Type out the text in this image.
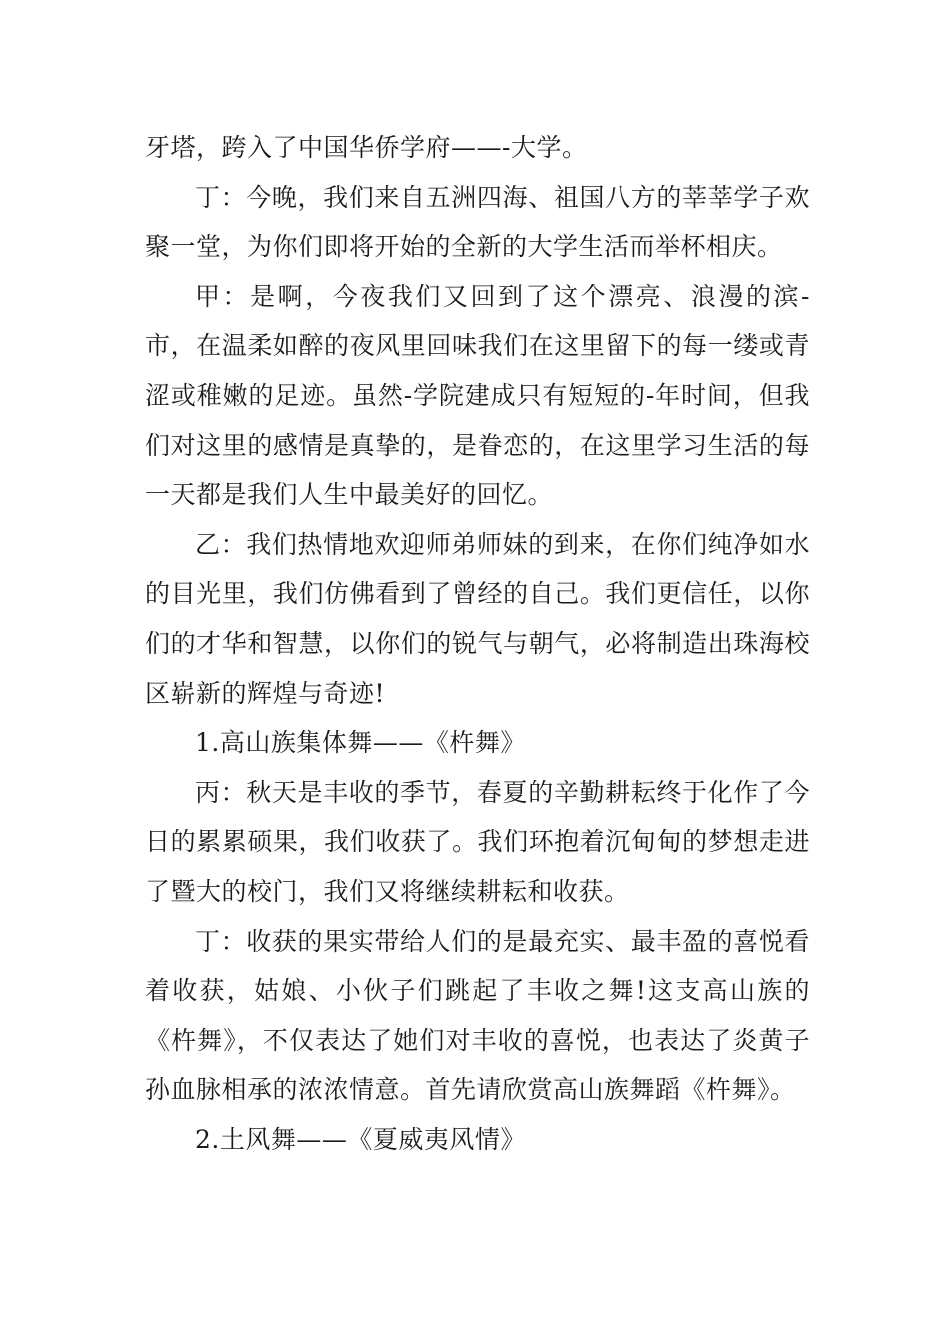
牙塔，跨入了中国华侨学府——-大学。

丁：今晚，我们来自五洲四海、祖国八方的莘莘学子欢聚一堂，为你们即将开始的全新的大学生活而举杯相庆。

甲：是啊，今夜我们又回到了这个漂亮、浪漫的滨-市，在温柔如醉的夜风里回味我们在这里留下的每一缕或青涩或稚嫩的足迹。虽然-学院建成只有短短的-年时间，但我们对这里的感情是真挚的，是眷恋的，在这里学习生活的每一天都是我们人生中最美好的回忆。

乙：我们热情地欢迎师弟师妹的到来，在你们纯净如水的目光里，我们仿佛看到了曾经的自己。我们更信任，以你们的才华和智慧，以你们的锐气与朝气，必将制造出珠海校区崭新的辉煌与奇迹!

1.高山族集体舞——《杵舞》

丙：秋天是丰收的季节，春夏的辛勤耕耘终于化作了今日的累累硕果，我们收获了。我们环抱着沉甸甸的梦想走进了暨大的校门，我们又将继续耕耘和收获。

丁：收获的果实带给人们的是最充实、最丰盈的喜悦看着收获，姑娘、小伙子们跳起了丰收之舞!这支高山族的《杵舞》，不仅表达了她们对丰收的喜悦，也表达了炎黄子孙血脉相承的浓浓情意。首先请欣赏高山族舞蹈《杵舞》。

2.土风舞——《夏威夷风情》
